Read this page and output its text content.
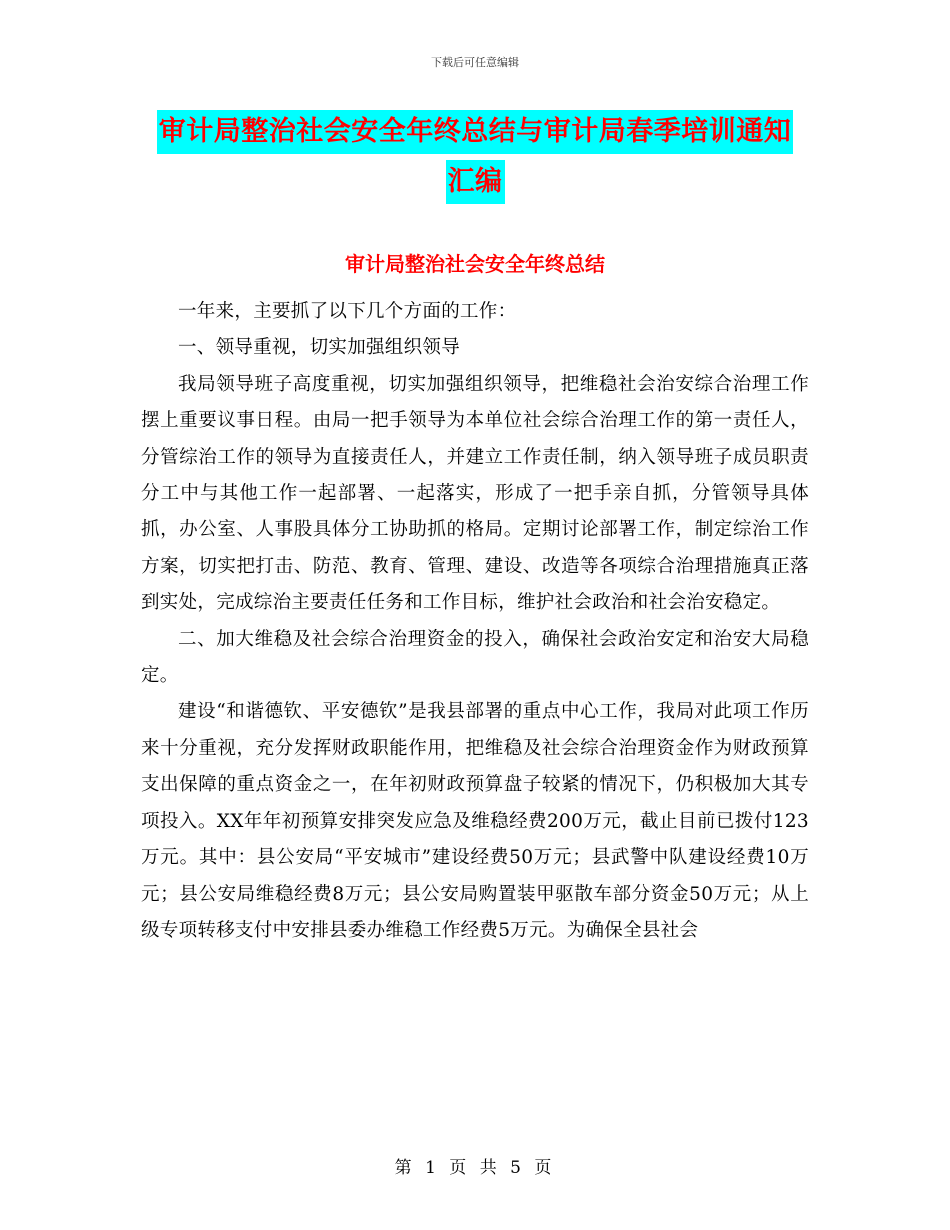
下载后可任意编辑
审计局整治社会安全年终总结与审计局春季培训通知
汇编
审计局整治社会安全年终总结

一年来，主要抓了以下几个方面的工作：

一、领导重视，切实加强组织领导

我局领导班子高度重视，切实加强组织领导，把维稳社会治安综合治理工作摆上重要议事日程。由局一把手领导为本单位社会综合治理工作的第一责任人，分管综治工作的领导为直接责任人，并建立工作责任制，纳入领导班子成员职责分工中与其他工作一起部署、一起落实，形成了一把手亲自抓，分管领导具体抓，办公室、人事股具体分工协助抓的格局。定期讨论部署工作，制定综治工作方案，切实把打击、防范、教育、管理、建设、改造等各项综合治理措施真正落到实处，完成综治主要责任任务和工作目标，维护社会政治和社会治安稳定。

二、加大维稳及社会综合治理资金的投入，确保社会政治安定和治安大局稳定。

建设“和谐德钦、平安德钦”是我县部署的重点中心工作，我局对此项工作历来十分重视，充分发挥财政职能作用，把维稳及社会综合治理资金作为财政预算支出保障的重点资金之一，在年初财政预算盘子较紧的情况下，仍积极加大其专项投入。XX年年初预算安排突发应急及维稳经费200万元，截止目前已拨付123万元。其中：县公安局“平安城市”建设经费50万元；县武警中队建设经费10万元；县公安局维稳经费8万元；县公安局购置装甲驱散车部分资金50万元；从上级专项转移支付中安排县委办维稳工作经费5万元。为确保全县社会

第 1 页 共 5 页
